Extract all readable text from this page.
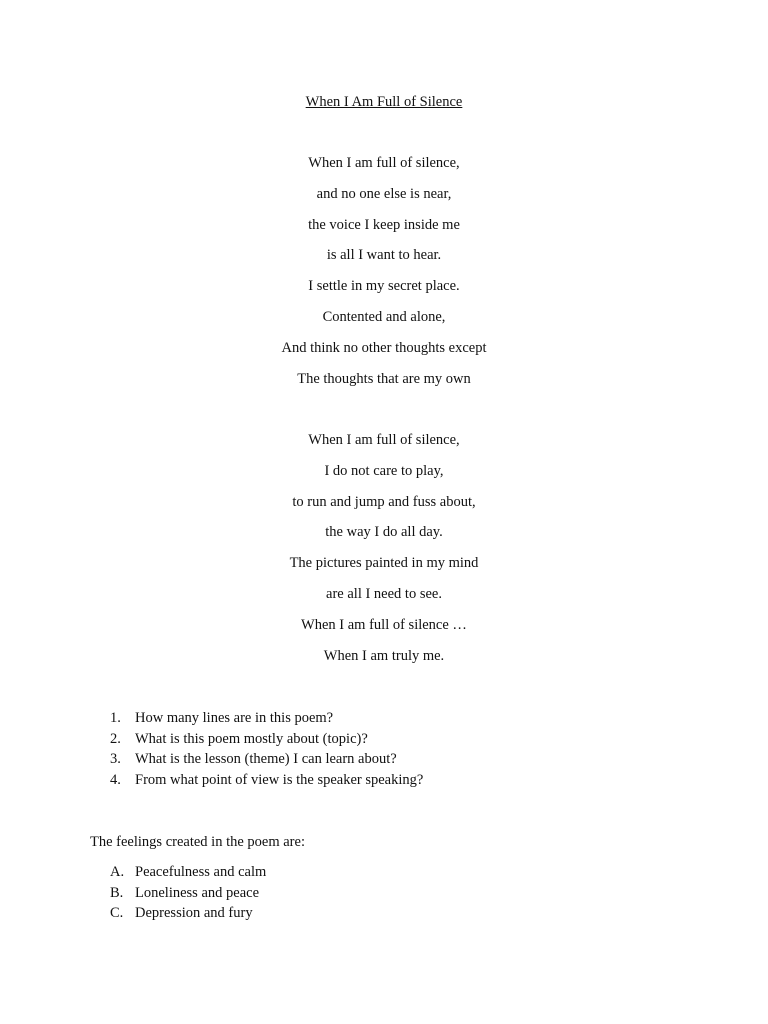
When I Am Full of Silence
When I am full of silence,
and no one else is near,
the voice I keep inside me
is all I want to hear.
I settle in my secret place.
Contented and alone,
And think no other thoughts except
The thoughts that are my own
When I am full of silence,
I do not care to play,
to run and jump and fuss about,
the way I do all day.
The pictures painted in my mind
are all I need to see.
When I am full of silence …
When I am truly me.
1. How many lines are in this poem?
2. What is this poem mostly about (topic)?
3. What is the lesson (theme) I can learn about?
4. From what point of view is the speaker speaking?
The feelings created in the poem are:
A. Peacefulness and calm
B. Loneliness and peace
C. Depression and fury
